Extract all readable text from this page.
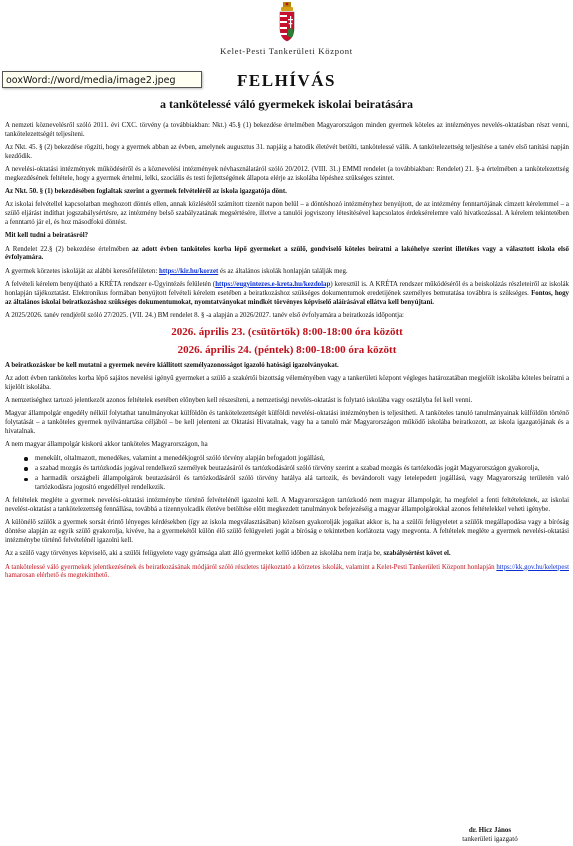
Kelet-Pesti Tankerületi Központ
FELHÍVÁS
a tankötelessé váló gyermekek iskolai beiratására
ooxWord://word/media/image2.jpeg

A nemzeti köznevelésről szóló 2011. évi CXC. törvény (a továbbiakban: Nkt.) 45.§ (1) bekezdése értelmében Magyarországon minden gyermek köteles az intézményes nevelés-oktatásban részt venni, tankötelezettségét teljesíteni.

Az Nkt. 45. § (2) bekezdése rögzíti, hogy a gyermek abban az évben, amelynek augusztus 31. napjáig a hatodik életévét betölti, tankötelessé válik. A tankötelezettség teljesítése a tanév első tanítási napján kezdődik.

A nevelési-oktatási intézmények működéséről és a köznevelési intézmények névhasználatáról szóló 20/2012. (VIII. 31.) EMMI rendelet (a továbbiakban: Rendelet) 21. §-a értelmében a tankötelezettség megkezdésének feltétele, hogy a gyermek értelmi, lelki, szociális és testi fejlettségének állapota elérje az iskolába lépéshez szükséges szintet.

Az Nkt. 50. § (1) bekezdésében foglaltak szerint a gyermek felvételéről az iskola igazgatója dönt.

Az iskolai felvétellel kapcsolatban meghozott döntés ellen, annak közlésétől számított tizenöt napon belül – a döntéshozó intézményhez benyújtott, de az intézmény fenntartójának címzett kérelemmel – a szülő eljárást indíthat jogszabálysértésre, az intézmény belső szabályzatának megsértésére, illetve a tanulói jogviszony létesítésével kapcsolatos érdeksérelemre való hivatkozással. A kérelem tekintetében a fenntartó jár el, és hoz másodfokú döntést.

Mit kell tudni a beiratásról?

A Rendelet 22.§ (2) bekezdése értelmében az adott évben tanköteles korba lépő gyermeket a szülő, gondviselő köteles beíratni a lakóhelye szerint illetékes vagy a választott iskola első évfolyamára.

A gyermek körzetes iskoláját az alábbi keresőfelületen: https://kir.hu/korzet és az általános iskolák honlapján találják meg.

A felvételi kérelem benyújtható a KRÉTA rendszer e-Ügyintézés felületén (https://eugyintezes.e-kreta.hu/kezdolap) keresztül is. A KRÉTA rendszer működéséről és a beiskolázás részleteiről az iskolák honlapján tájékoztatást. Elektronikus formában benyújtott felvételi kérelem esetében a beiratkozáshoz szükséges dokumentumok eredetijének személyes bemutatása továbbra is szükséges. Fontos, hogy az általános iskolai beiratkozáshoz szükséges dokumentumokat, nyomtatványokat mindkét törvényes képviselő aláírásával ellátva kell benyújtani.

A 2025/2026. tanév rendjéről szóló 27/2025. (VII. 24.) BM rendelet 8. § -a alapján a 2026/2027. tanév első évfolyamára a beiratkozás időpontja:

2026. április 23. (csütörtök) 8:00-18:00 óra között

2026. április 24. (péntek) 8:00-18:00 óra között

A beiratkozáskor be kell mutatni a gyermek nevére kiállított személyazonosságot igazoló hatósági igazolványokat.

Az adott évben tanköteles korba lépő sajátos nevelési igényű gyermeket a szülő a szakértői bizottság véleményében vagy a tankerületi központ végleges határozatában megjelölt iskolába köteles beíratni a kijelölt iskolába.

A nemzetiséghez tartozó jelentkezőt azonos feltételek esetében előnyben kell részesíteni, a nemzetiségi nevelés-oktatást is folytató iskolába vagy osztályba fel kell venni.

Magyar állampolgár engedély nélkül folytathat tanulmányokat külföldön és tankötelezettségét külföldi nevelési-oktatási intézményben is teljesítheti. A tanköteles tanuló tanulmányainak külföldön történő folytatását – a tanköteles gyermek nyilvántartása céljából – be kell jelenteni az Oktatási Hivatalnak, vagy ha a tanuló már Magyarországon működő iskolába beiratkozott, az iskola igazgatójának és a hivatalnak.

A nem magyar állampolgár kiskorú akkor tanköteles Magyarországon, ha

menekült, oltalmazott, menedékes, valamint a menedékjogról szóló törvény alapján befogadott jogállású,
a szabad mozgás és tartózkodás jogával rendelkező személyek beutazásáról és tartózkodásáról szóló törvény szerint a szabad mozgás és tartózkodás jogát Magyarországon gyakorolja,
a harmadik országbeli állampolgárok beutazásáról és tartózkodásáról szóló törvény hatálya alá tartozik, és bevándorolt vagy letelepedett jogállású, vagy Magyarország területén való tartózkodásra jogosító engedéllyel rendelkezik.

A feltételek megléte a gyermek nevelési-oktatási intézménybe történő felvételénél igazolni kell. A Magyarországon tartózkodó nem magyar állampolgár, ha megfelel a fenti feltételeknek, az iskolai nevelést-oktatást a tankötelezettség fennállása, továbbá a tizennyolcadik életéve betöltése előtt megkezdett tanulmányok befejezéséig a magyar állampolgárokkal azonos feltételekkel veheti igénybe.

A különélő szülők a gyermek sorsát érintő lényeges kérdésekben (így az iskola megválasztásában) közösen gyakorolják jogaikat akkor is, ha a szülői felügyeletet a szülők megállapodása vagy a bíróság döntése alapján az egyik szülő gyakorolja, kivéve, ha a gyermekétől külön élő szülő felügyeleti jogát a bíróság e tekintetben korlátozta vagy megvonta. A feltételek megléte a gyermek nevelési-oktatási intézménybe történő felvételénél igazolni kell.

Az a szülő vagy törvényes képviselő, aki a szülői felügyelete vagy gyámsága alatt álló gyermeket kellő időben az iskolába nem íratja be, szabálysértést követ el.

A tankötelessé váló gyermekek jelentkezésének és beiratkozásának módjáról szóló részletes tájékoztató a körzetes iskolák, valamint a Kelet-Pesti Tankerületi Központ honlapján https://kk.gov.hu/keletpest hamarosan elérhető és megtekinthető.

dr. Hicz János
tankerületi igazgató
